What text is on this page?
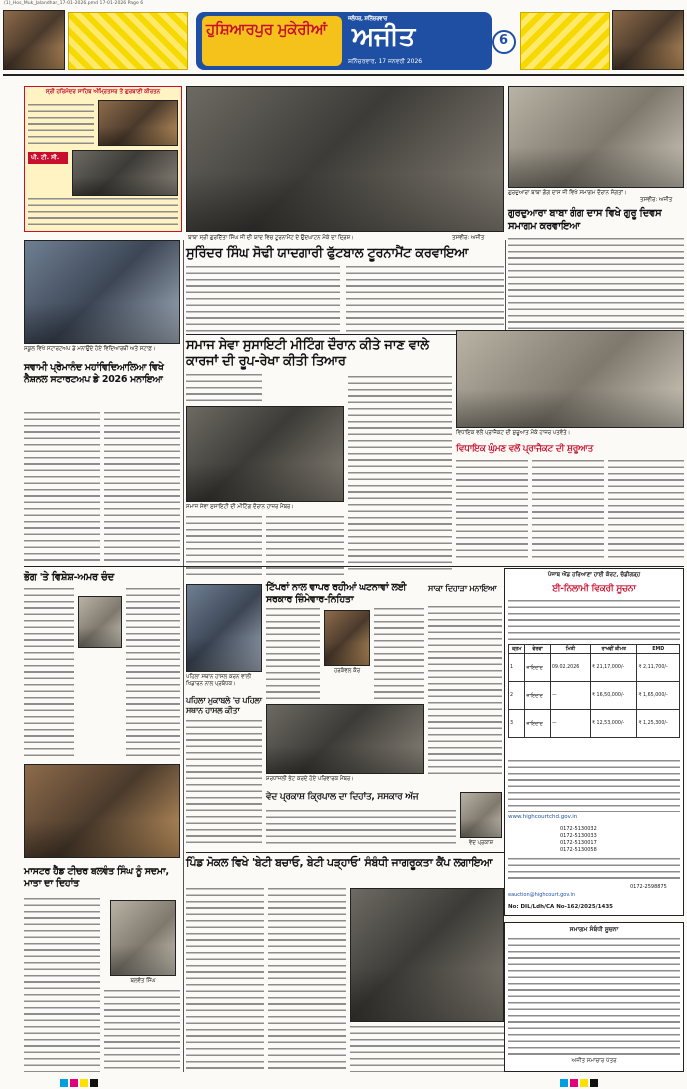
(1)_Hos_Muk_Jalandhar_17-01-2026.pmd 17-01-2026 Page 6
ਹੁਸ਼ਿਆਰਪੁਰ ਮੁਕੇਰੀਆਂ
ਜਲੰਧਰ, ਸ਼ਨਿੱਚਰਵਾਰ
ਅਜੀਤ
ਸ਼ਨਿੱਚਰਵਾਰ, 17 ਜਨਵਰੀ 2026
6
ਸ੍ਰੀ ਹਰਿਮੰਦਰ ਸਾਹਿਬ ਅੰਮ੍ਰਿਤਸਰ ਤੋਂ ਗੁਰਬਾਣੀ ਕੀਰਤਨ
ਪੀ. ਟੀ. ਸੀ.
ਬਾਬਾ ਸ੍ਰੀ ਗੁਰਦਿੱਤਾ ਸਿੰਘ ਜੀ ਦੀ ਯਾਦ ਵਿਚ ਟੂਰਨਾਮੈਂਟ ਦੇ ਉਦਘਾਟਨ ਮੌਕੇ ਦਾ ਦ੍ਰਿਸ਼।	ਤਸਵੀਰ: ਅਜੀਤ
ਗੁਰਦੁਆਰਾ ਬਾਬਾ ਗੰਗ ਦਾਸ ਜੀ ਵਿਖੇ ਸਮਾਗਮ ਦੌਰਾਨ ਸੰਗਤਾਂ।
ਤਸਵੀਰ: ਅਜੀਤ
ਗੁਰਦੁਆਰਾ ਬਾਬਾ ਗੰਗ ਦਾਸ ਵਿਖੇ ਗੁਰੂ ਦਿਵਸ ਸਮਾਗਮ ਕਰਵਾਇਆ
ਸਕੂਲ ਵਿਖੇ ਸਟਾਰਟਅਪ ਡੇ ਮਨਾਉਂਦੇ ਹੋਏ ਵਿਦਿਆਰਥੀ ਅਤੇ ਸਟਾਫ਼।
ਸੁਰਿੰਦਰ ਸਿੰਘ ਸੋਢੀ ਯਾਦਗਾਰੀ ਫੁੱਟਬਾਲ ਟੂਰਨਾਮੈਂਟ ਕਰਵਾਇਆ
ਸਵਾਮੀ ਪ੍ਰੇਮਾਨੰਦ ਮਹਾਂਵਿਦਿਆਲਿਆ ਵਿਖੇ ਨੈਸ਼ਨਲ ਸਟਾਰਟਅਪ ਡੇ 2026 ਮਨਾਇਆ
ਸਮਾਜ ਸੇਵਾ ਸੁਸਾਇਟੀ ਮੀਟਿੰਗ ਦੌਰਾਨ ਕੀਤੇ ਜਾਣ ਵਾਲੇ ਕਾਰਜਾਂ ਦੀ ਰੂਪ-ਰੇਖਾ ਕੀਤੀ ਤਿਆਰ
ਸਮਾਜ ਸੇਵਾ ਸੁਸਾਇਟੀ ਦੀ ਮੀਟਿੰਗ ਦੌਰਾਨ ਹਾਜ਼ਰ ਮੈਂਬਰ।
ਵਿਧਾਇਕ ਵਲੋਂ ਪ੍ਰਾਜੈਕਟ ਦੀ ਸ਼ੁਰੂਆਤ ਮੌਕੇ ਹਾਜ਼ਰ ਪਤਵੰਤੇ।
ਵਿਧਾਇਕ ਘੁੰਮਣ ਵਲੋਂ ਪ੍ਰਾਜੈਕਟ ਦੀ ਸ਼ੁਰੂਆਤ
ਭੋਗ 'ਤੇ ਵਿਸ਼ੇਸ਼-ਅਮਰ ਚੰਦ
ਪਹਿਲਾ ਸਥਾਨ ਹਾਸਲ ਕਰਨ ਵਾਲੀ ਖਿਡਾਰਨ ਨਾਲ ਪ੍ਰਬੰਧਕ।
ਪਹਿਲਾ ਮੁਕਾਬਲੇ 'ਚ ਪਹਿਲਾ ਸਥਾਨ ਹਾਸਲ ਕੀਤਾ
ਟਿੱਪਰਾਂ ਨਾਲ ਵਾਪਰ ਰਹੀਆਂ ਘਟਨਾਵਾਂ ਲਈ ਸਰਕਾਰ ਜ਼ਿੰਮੇਵਾਰ-ਨਿਹਿਤਾ
ਹਰਕੰਵਲ ਕੌਰ
ਸ਼ਰਧਾਂਜਲੀ ਭੇਟ ਕਰਦੇ ਹੋਏ ਪਰਿਵਾਰਕ ਮੈਂਬਰ।
ਸਾਕਾ ਦਿਹਾੜਾ ਮਨਾਇਆ
ਪੰਜਾਬ ਐਂਡ ਹਰਿਆਣਾ ਹਾਈ ਕੋਰਟ, ਚੰਡੀਗੜ੍ਹ
ਈ-ਨਿਲਾਮੀ ਵਿਕਰੀ ਸੂਚਨਾ
ਕ੍ਰਮ	ਵੇਰਵਾ	ਮਿਤੀ	ਰਾਖਵੀਂ ਕੀਮਤ	EMD
1	ਜਾਇਦਾਦ	09.02.2026	₹ 21,17,000/-	₹ 2,11,700/-
2	ਜਾਇਦਾਦ	—	₹ 16,50,000/-	₹ 1,65,000/-
3	ਜਾਇਦਾਦ	—	₹ 12,53,000/-	₹ 1,25,300/-
www.highcourtchd.gov.in
0172-5130032
0172-5130033
0172-5130017
0172-5130058
0172-2598875
eauction@highcourt.gov.in
No: DIL/Ldh/CA No-162/2025/1435
ਵੇਦ ਪ੍ਰਕਾਸ਼ ਕ੍ਰਿਪਾਲ ਦਾ ਦਿਹਾਂਤ, ਸਸਕਾਰ ਅੱਜ
ਵੇਦ ਪ੍ਰਕਾਸ਼
ਪਿੰਡ ਮੋਕਲ ਵਿਖੇ 'ਬੇਟੀ ਬਚਾਓ, ਬੇਟੀ ਪੜ੍ਹਾਓ' ਸੰਬੰਧੀ ਜਾਗਰੂਕਤਾ ਕੈਂਪ ਲਗਾਇਆ
ਮਾਸਟਰ ਹੈੱਡ ਟੀਚਰ ਬਲਵੰਤ ਸਿੰਘ ਨੂੰ ਸਦਮਾ, ਮਾਤਾ ਦਾ ਦਿਹਾਂਤ
ਬਲਵੰਤ ਸਿੰਘ
ਸਮਾਗਮ ਸੰਬੰਧੀ ਸੂਚਨਾ
ਅਜੀਤ ਸਮਾਚਾਰ ਪੱਤਰ
